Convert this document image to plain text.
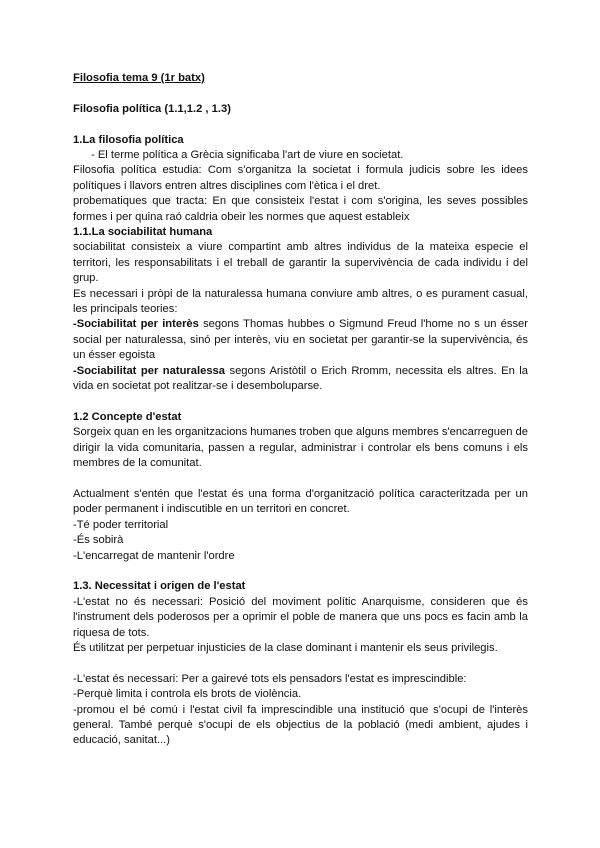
Filosofia tema 9 (1r batx)

Filosofia política (1.1,1.2 , 1.3)

1.La filosofia política

- El terme política a Grècia significaba l'art de viure en societat.

Filosofia política estudia: Com s'organitza la societat i formula judicis sobre les idees polítiques i llavors entren altres disciplines com l'ètica i el dret.

probematiques que tracta: En que consisteix l'estat i com s'origina, les seves possibles formes i per quina raó caldria obeir les normes que aquest estableix

1.1.La sociabilitat humana

sociabilitat consisteix a viure compartint amb altres individus de la mateixa especie el territori, les responsabilitats i el treball de garantir la supervivència de cada individu i del grup.

Es necessari i pròpi de la naturalessa humana conviure amb altres, o es purament casual, les principals teories:

-Sociabilitat per interès segons Thomas hubbes o Sigmund Freud l'home no s un ésser social per naturalessa, sinó per interès, viu en societat per garantir-se la supervivència, és un ésser egoista

-Sociabilitat per naturalessa segons Aristòtil o Erich Rromm, necessita els altres. En la vida en societat pot realitzar-se i desemboluparse.

1.2 Concepte d'estat

Sorgeix quan en les organitzacions humanes troben que alguns membres s'encarreguen de dirigir la vida comunitaria, passen a regular, administrar i controlar els bens comuns i els membres de la comunitat.

Actualment s'entén que l'estat és una forma d'organització política caracteritzada per un poder permanent i indiscutible en un territori en concret.

-Té poder territorial

-És sobirà

-L'encarregat de mantenir l'ordre

1.3. Necessitat i origen de l'estat

-L'estat no és necessari: Posició del moviment polític Anarquisme, consideren que és l'instrument dels poderosos per a oprimir el poble de manera que uns pocs es facin amb la riquesa de tots.

És utilitzat per perpetuar injusticies de la clase dominant i mantenir els seus privilegis.

-L'estat és necessari: Per a gairevé tots els pensadors l'estat es imprescindible:

-Perquè limita i controla els brots de violència.

-promou el bé comú i l'estat civil fa imprescindible una institució que s'ocupi de l'interès general. També perquè s'ocupi de els objectius de la població (medi ambient, ajudes i educació, sanitat...)
